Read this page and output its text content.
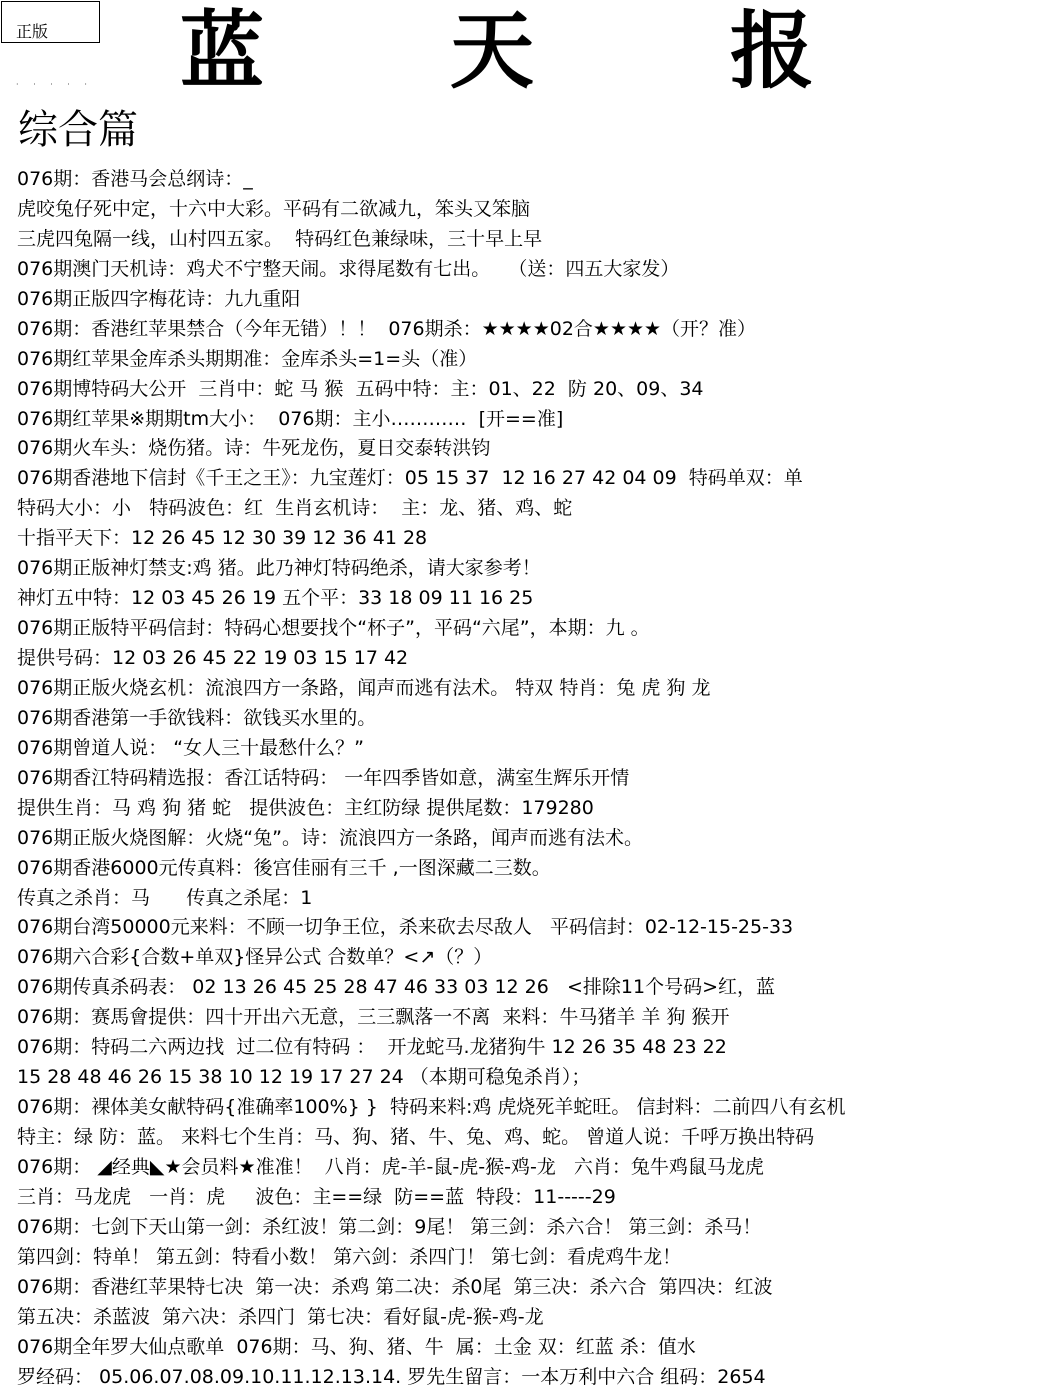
正版
· · · · · 蓝 天 报
综合篇
076期：香港马会总纲诗：_
虎咬兔仔死中定，十六中大彩。平码有二欲减九，笨头又笨脑
三虎四兔隔一线，山村四五家。  特码红色兼绿味，三十早上早
076期澳门天机诗：鸡犬不宁整天闹。求得尾数有七出。   （送：四五大家发）
076期正版四字梅花诗：九九重阳
076期：香港红苹果禁合（今年无错）！！  076期杀：★★★★02合★★★★（开？准）
076期红苹果金库杀头期期准：金库杀头=1=头（准）
076期博特码大公开  三肖中：蛇 马 猴  五码中特：主：01、22  防 20、09、34
076期红苹果※期期tm大小：  076期：主小…………  [开==准]
076期火车头：烧伤猪。诗：牛死龙伤，夏日交泰转洪钧
076期香港地下信封《千王之王》：九宝莲灯：05 15 37  12 16 27 42 04 09  特码单双：单
特码大小：小   特码波色：红  生肖玄机诗：  主：龙、猪、鸡、蛇
十指平天下：12 26 45 12 30 39 12 36 41 28
076期正版神灯禁支:鸡 猪。此乃神灯特码绝杀，请大家参考！
神灯五中特：12 03 45 26 19 五个平：33 18 09 11 16 25
076期正版特平码信封：特码心想要找个“杯子”，平码“六尾”，本期：九 。
提供号码：12 03 26 45 22 19 03 15 17 42
076期正版火烧玄机：流浪四方一条路，闻声而逃有法术。 特双 特肖：兔 虎 狗 龙
076期香港第一手欲钱料：欲钱买水里的。
076期曾道人说： “女人三十最愁什么？”
076期香江特码精选报：香江话特码： 一年四季皆如意，满室生辉乐开情
提供生肖：马 鸡 狗 猪 蛇   提供波色：主红防绿 提供尾数：179280
076期正版火烧图解：火烧“兔”。诗：流浪四方一条路，闻声而逃有法术。
076期香港6000元传真料：後宫佳丽有三千 ,一图深藏二三数。
传真之杀肖：马      传真之杀尾：1
076期台湾50000元来料：不顾一切争王位，杀来砍去尽敌人   平码信封：02-12-15-25-33
076期六合彩{合数+单双}怪异公式 合数单？<↗（？）
076期传真杀码表： 02 13 26 45 25 28 47 46 33 03 12 26   <排除11个号码>红，蓝
076期：赛馬會提供：四十开出六无意，三三飘落一不离  来料：牛马猪羊 羊 狗 猴开
076期：特码二六两边找  过二位有特码 ：  开龙蛇马.龙猪狗牛 12 26 35 48 23 22
15 28 48 46 26 15 38 10 12 19 17 27 24 （本期可稳兔杀肖）；
076期：裸体美女献特码{准确率100%} }  特码来料:鸡 虎烧死羊蛇旺。 信封料：二前四八有玄机
特主：绿 防：蓝。 来料七个生肖：马、狗、猪、牛、兔、鸡、蛇。 曾道人说：千呼万换出特码
076期： ◢经典◣★会员料★准准！  八肖：虎-羊-鼠-虎-猴-鸡-龙   六肖：兔牛鸡鼠马龙虎
三肖：马龙虎   一肖：虎     波色：主==绿  防==蓝  特段：11-----29
076期：七剑下天山第一剑：杀红波！第二剑：9尾！ 第三剑：杀六合！ 第三剑：杀马！
第四剑：特单！ 第五剑：特看小数！ 第六剑：杀四门！ 第七剑：看虎鸡牛龙！
076期：香港红苹果特七决  第一决：杀鸡 第二决：杀0尾  第三决：杀六合  第四决：红波
第五决：杀蓝波  第六决：杀四门  第七决：看好鼠-虎-猴-鸡-龙
076期全年罗大仙点歌单  076期：马、狗、猪、牛  属：土金 双：红蓝 杀：值水
罗经码： 05.06.07.08.09.10.11.12.13.14. 罗先生留言：一本万利中六合 组码：2654
